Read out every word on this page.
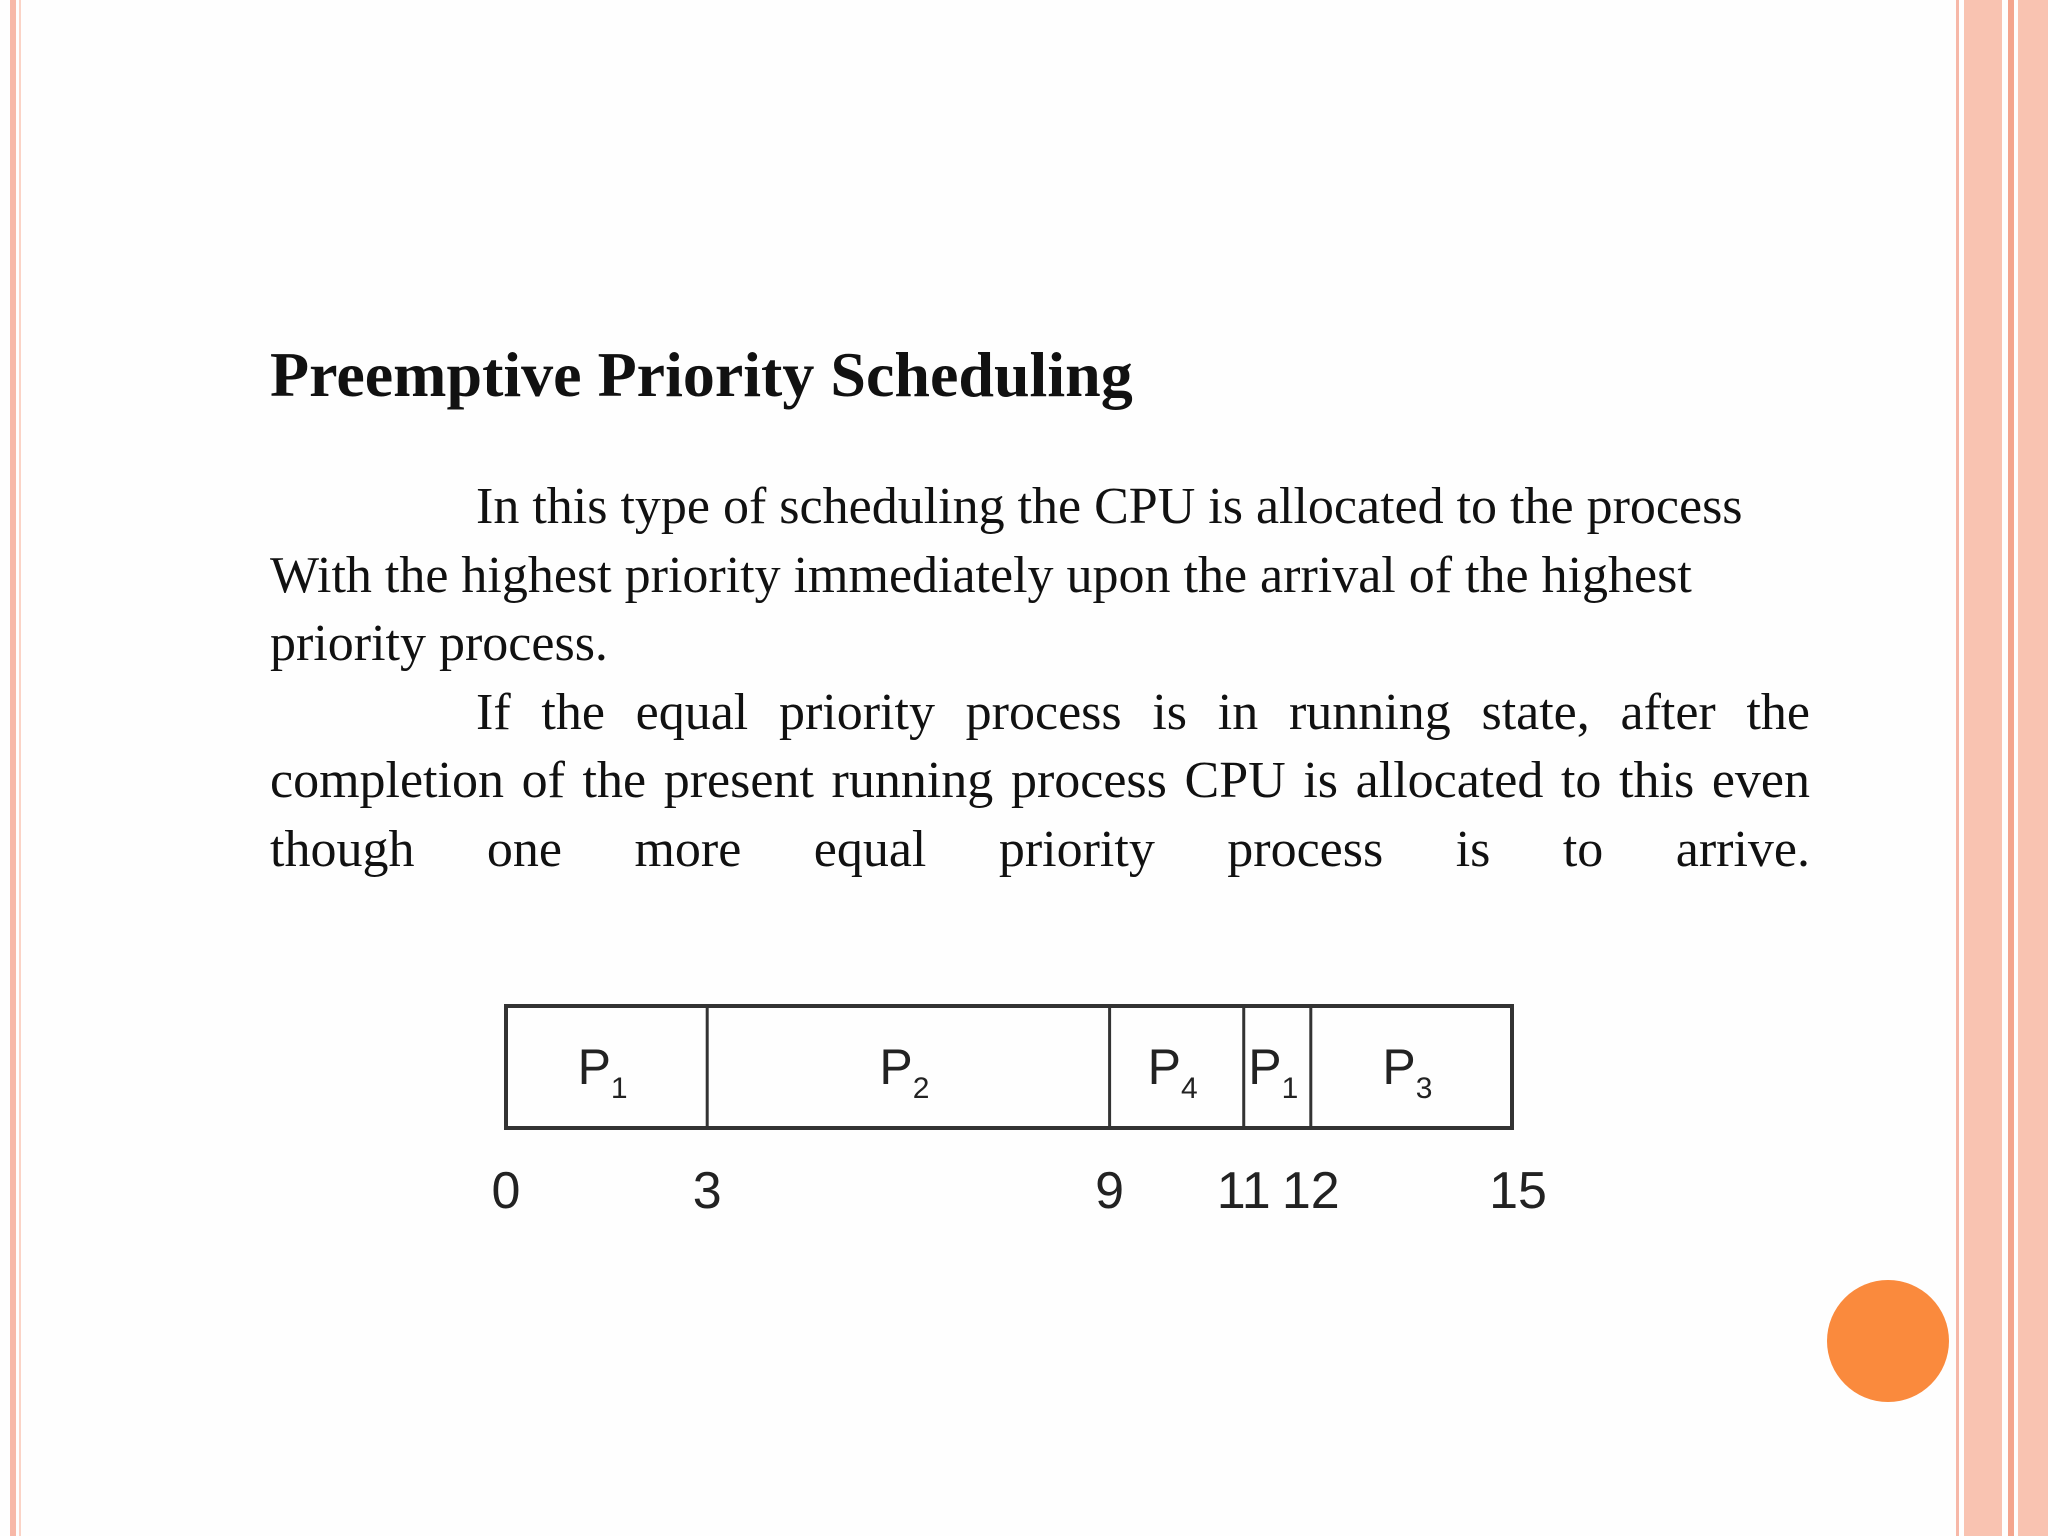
Preemptive Priority Scheduling

In this type of scheduling the CPU is allocated to the process With the highest priority immediately upon the arrival of the highest priority process.

If the equal priority process is in running state, after the completion of the present running process CPU is allocated to this even though one more equal priority process is to arrive.

$P_1$	$P_2$	$P_4$ $P_1$ $P_3$
0	3	9 11 12	15
